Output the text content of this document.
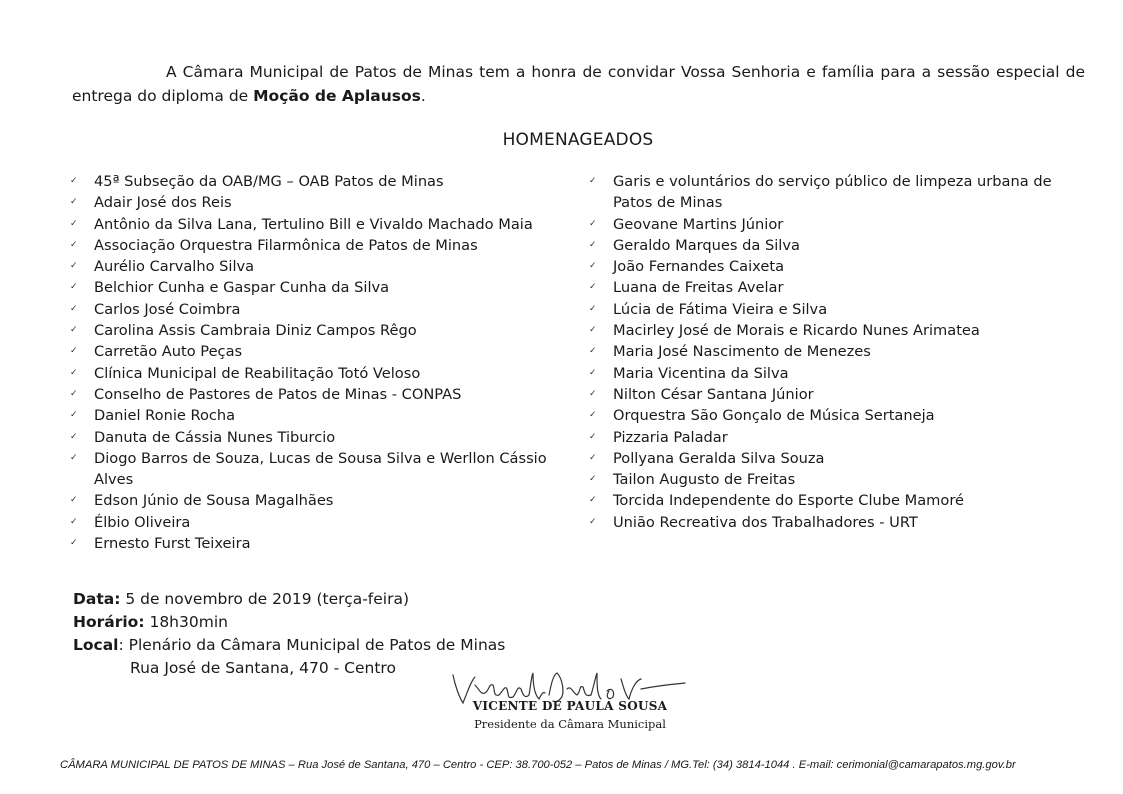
A Câmara Municipal de Patos de Minas tem a honra de convidar Vossa Senhoria e família para a sessão especial de entrega do diploma de Moção de Aplausos.

HOMENAGEADOS
✓ 45ª Subseção da OAB/MG – OAB Patos de Minas
✓ Adair José dos Reis
✓ Antônio da Silva Lana, Tertulino Bill e Vivaldo Machado Maia
✓ Associação Orquestra Filarmônica de Patos de Minas
✓ Aurélio Carvalho Silva
✓ Belchior Cunha e Gaspar Cunha da Silva
✓ Carlos José Coimbra
✓ Carolina Assis Cambraia Diniz Campos Rêgo
✓ Carretão Auto Peças
✓ Clínica Municipal de Reabilitação Totó Veloso
✓ Conselho de Pastores de Patos de Minas - CONPAS
✓ Daniel Ronie Rocha
✓ Danuta de Cássia Nunes Tiburcio
✓ Diogo Barros de Souza, Lucas de Sousa Silva e Werllon Cássio Alves
✓ Edson Júnio de Sousa Magalhães
✓ Élbio Oliveira
✓ Ernesto Furst Teixeira
✓ Garis e voluntários do serviço público de limpeza urbana de Patos de Minas
✓ Geovane Martins Júnior
✓ Geraldo Marques da Silva
✓ João Fernandes Caixeta
✓ Luana de Freitas Avelar
✓ Lúcia de Fátima Vieira e Silva
✓ Macirley José de Morais e Ricardo Nunes Arimatea
✓ Maria José Nascimento de Menezes
✓ Maria Vicentina da Silva
✓ Nilton César Santana Júnior
✓ Orquestra São Gonçalo de Música Sertaneja
✓ Pizzaria Paladar
✓ Pollyana Geralda Silva Souza
✓ Tailon Augusto de Freitas
✓ Torcida Independente do Esporte Clube Mamoré
✓ União Recreativa dos Trabalhadores - URT
Data: 5 de novembro de 2019 (terça-feira)
Horário: 18h30min
Local: Plenário da Câmara Municipal de Patos de Minas
Rua José de Santana, 470 - Centro
VICENTE DE PAULA SOUSA
Presidente da Câmara Municipal
CÂMARA MUNICIPAL DE PATOS DE MINAS – Rua José de Santana, 470 – Centro - CEP: 38.700-052 – Patos de Minas / MG.Tel: (34) 3814-1044 . E-mail: cerimonial@camarapatos.mg.gov.br
